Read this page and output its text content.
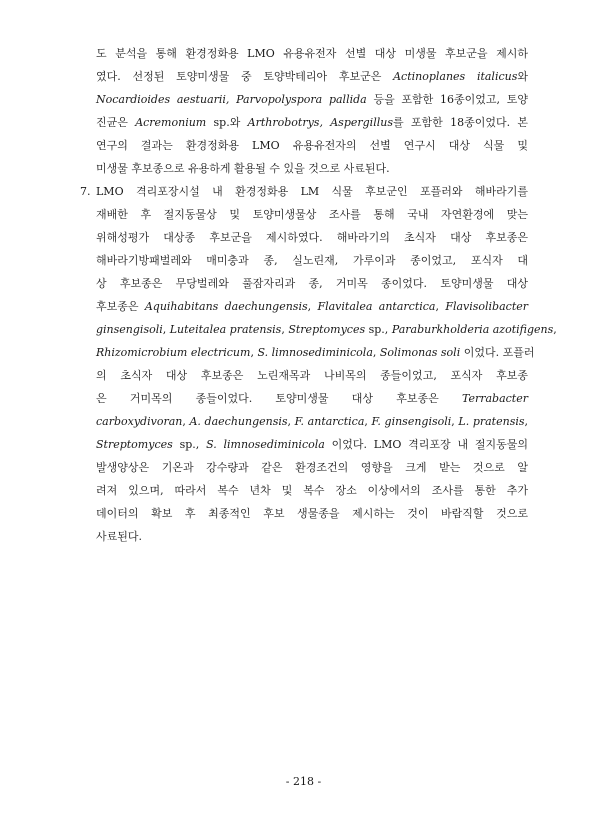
도 분석을 통해 환경정화용 LMO 유용유전자 선별 대상 미생물 후보군을 제시하
였다. 선정된 토양미생물 중 토양박테리아 후보군은 Actinoplanes italicus와
Nocardioides aestuarii, Parvopolyspora pallida 등을 포함한 16종이었고, 토양
진균은 Acremonium sp.와 Arthrobotrys, Aspergillus를 포함한 18종이었다. 본
연구의 결과는 환경정화용 LMO 유용유전자의 선별 연구시 대상 식물 및
미생물 후보종으로 유용하게 활용될 수 있을 것으로 사료된다.
7. LMO 격리포장시설 내 환경정화용 LM 식물 후보군인 포플러와 해바라기를
재배한 후 절지동물상 및 토양미생물상 조사를 통해 국내 자연환경에 맞는
위해성평가 대상종 후보군을 제시하였다. 해바라기의 초식자 대상 후보종은
해바라기방패벌레와 매미충과 종, 실노린재, 가루이과 종이었고, 포식자 대
상 후보종은 무당벌레와 풀잠자리과 종, 거미목 종이었다. 토양미생물 대상
후보종은 Aquihabitans daechungensis, Flavitalea antarctica, Flavisolibacter
ginsengisoli, Luteitalea pratensis, Streptomyces sp., Paraburkholderia azotifigens,
Rhizomicrobium electricum, S. limnosediminicola, Solimonas soli 이었다. 포플러
의 초식자 대상 후보종은 노린재목과 나비목의 종들이었고, 포식자 후보종
은 거미목의 종들이었다. 토양미생물 대상 후보종은 Terrabacter
carboxydivoran, A. daechungensis, F. antarctica, F. ginsengisoli, L. pratensis,
Streptomyces sp., S. limnosediminicola 이었다. LMO 격리포장 내 절지동물의
발생양상은 기온과 강수량과 같은 환경조건의 영향을 크게 받는 것으로 알
려져 있으며, 따라서 복수 년차 및 복수 장소 이상에서의 조사를 통한 추가
데이터의 확보 후 최종적인 후보 생물종을 제시하는 것이 바람직할 것으로
사료된다.
- 218 -
